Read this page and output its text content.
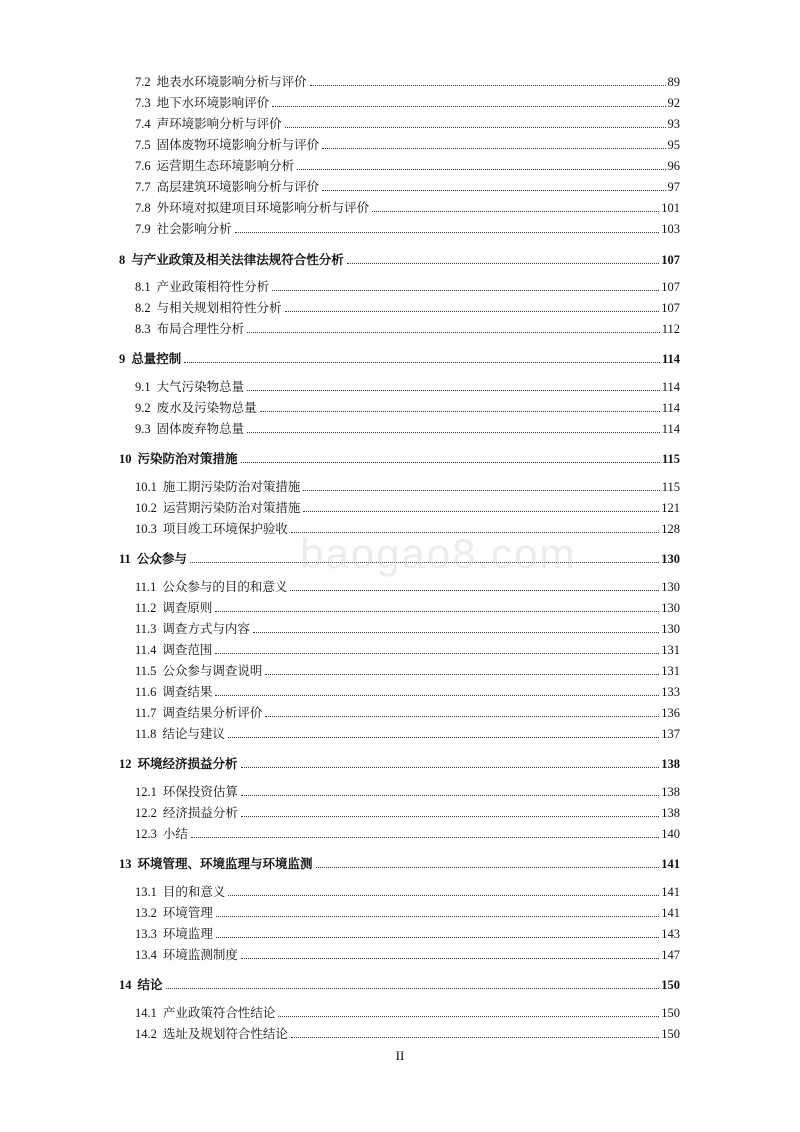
7.2 地表水环境影响分析与评价	89
7.3 地下水环境影响评价	92
7.4 声环境影响分析与评价	93
7.5 固体废物环境影响分析与评价	95
7.6 运营期生态环境影响分析	96
7.7 高层建筑环境影响分析与评价	97
7.8 外环境对拟建项目环境影响分析与评价	101
7.9 社会影响分析	103
8 与产业政策及相关法律法规符合性分析	107
8.1 产业政策相符性分析	107
8.2 与相关规划相符性分析	107
8.3 布局合理性分析	112
9 总量控制	114
9.1 大气污染物总量	114
9.2 废水及污染物总量	114
9.3 固体废弃物总量	114
10 污染防治对策措施	115
10.1 施工期污染防治对策措施	115
10.2 运营期污染防治对策措施	121
10.3 项目竣工环境保护验收	128
11 公众参与	130
11.1 公众参与的目的和意义	130
11.2 调查原则	130
11.3 调查方式与内容	130
11.4 调查范围	131
11.5 公众参与调查说明	131
11.6 调查结果	133
11.7 调查结果分析评价	136
11.8 结论与建议	137
12 环境经济损益分析	138
12.1 环保投资估算	138
12.2 经济损益分析	138
12.3 小结	140
13 环境管理、环境监理与环境监测	141
13.1 目的和意义	141
13.2 环境管理	141
13.3 环境监理	143
13.4 环境监测制度	147
14 结论	150
14.1 产业政策符合性结论	150
14.2 选址及规划符合性结论	150
baogao8.com
II
